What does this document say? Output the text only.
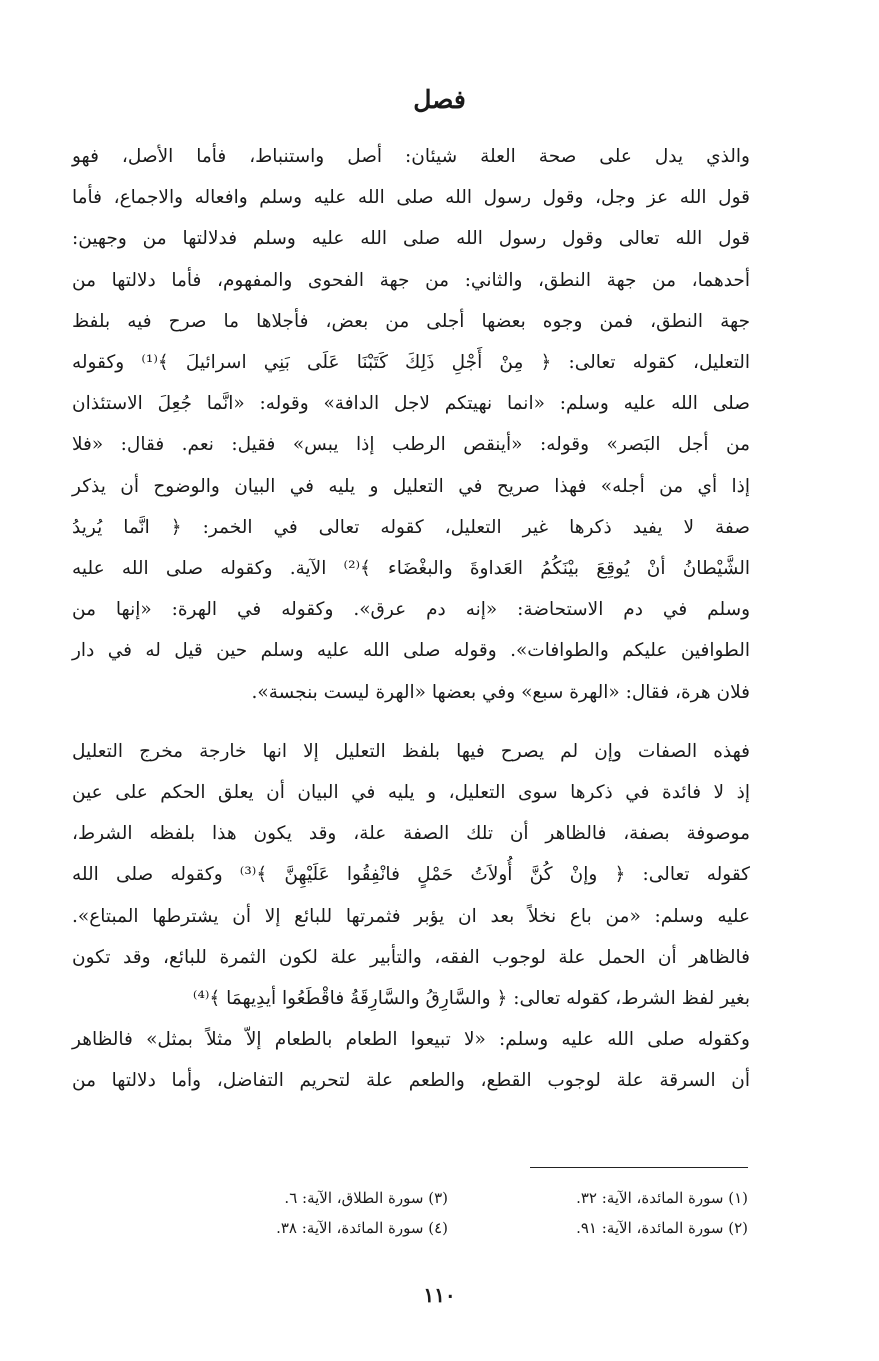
فصل
والذي يدل على صحة العلة شيئان: أصل واستنباط، فأما الأصل، فهو
قول الله عز وجل، وقول رسول الله صلى الله عليه وسلم وافعاله والاجماع، فأما
قول الله تعالى وقول رسول الله صلى الله عليه وسلم فدلالتها من وجهين:
أحدهما، من جهة النطق، والثاني: من جهة الفحوى والمفهوم، فأما دلالتها من
جهة النطق، فمن وجوه بعضها أجلى من بعض، فأجلاها ما صرح فيه بلفظ
التعليل، كقوله تعالى: ﴿ مِنْ أَجْلِ ذَلِكَ كَتَبْنَا عَلَى بَنِي اسرائيلَ ﴾⁽¹⁾ وكقوله
صلى الله عليه وسلم: «انما نهيتكم لاجل الدافة» وقوله: «انَّما جُعِلَ الاستئذان
من أجل البَصر» وقوله: «أينقص الرطب إذا يبس» فقيل: نعم. فقال: «فلا
إذا أي من أجله» فهذا صريح في التعليل و يليه في البيان والوضوح أن يذكر
صفة لا يفيد ذكرها غير التعليل، كقوله تعالى في الخمر: ﴿ انَّما يُريدُ
الشَّيْطانُ أنْ يُوقِعَ بيْنَكُمُ العَداوةَ والبغْضَاء ﴾⁽²⁾ الآية. وكقوله صلى الله عليه
وسلم في دم الاستحاضة: «إنه دم عرق». وكقوله في الهرة: «إنها من
الطوافين عليكم والطوافات». وقوله صلى الله عليه وسلم حين قيل له في دار
فلان هرة، فقال: «الهرة سبع» وفي بعضها «الهرة ليست بنجسة».
فهذه الصفات وإن لم يصرح فيها بلفظ التعليل إلا انها خارجة مخرج التعليل
إذ لا فائدة في ذكرها سوى التعليل، و يليه في البيان أن يعلق الحكم على عين
موصوفة بصفة، فالظاهر أن تلك الصفة علة، وقد يكون هذا بلفظه الشرط،
كقوله تعالى: ﴿ وإنْ كُنَّ أُولاَتُ حَمْلٍ فانْفِقُوا عَلَيْهِنَّ ﴾⁽³⁾ وكقوله صلى الله
عليه وسلم: «من باع نخلاً بعد ان يؤبر فثمرتها للبائع إلا أن يشترطها المبتاع».
فالظاهر أن الحمل علة لوجوب الفقه، والتأبير علة لكون الثمرة للبائع، وقد تكون
بغير لفظ الشرط، كقوله تعالى: ﴿ والسَّارِقُ والسَّارِقَةُ فاقْطَعُوا أيدِيهمَا ﴾⁽⁴⁾
وكقوله صلى الله عليه وسلم: «لا تبيعوا الطعام بالطعام إلاّ مثلاً بمثل» فالظاهر
أن السرقة علة لوجوب القطع، والطعم علة لتحريم التفاضل، وأما دلالتها من
(١) سورة المائدة، الآية: ٣٢.
(٢) سورة المائدة، الآية: ٩١.
(٣) سورة الطلاق، الآية: ٦.
(٤) سورة المائدة، الآية: ٣٨.
١١٠
